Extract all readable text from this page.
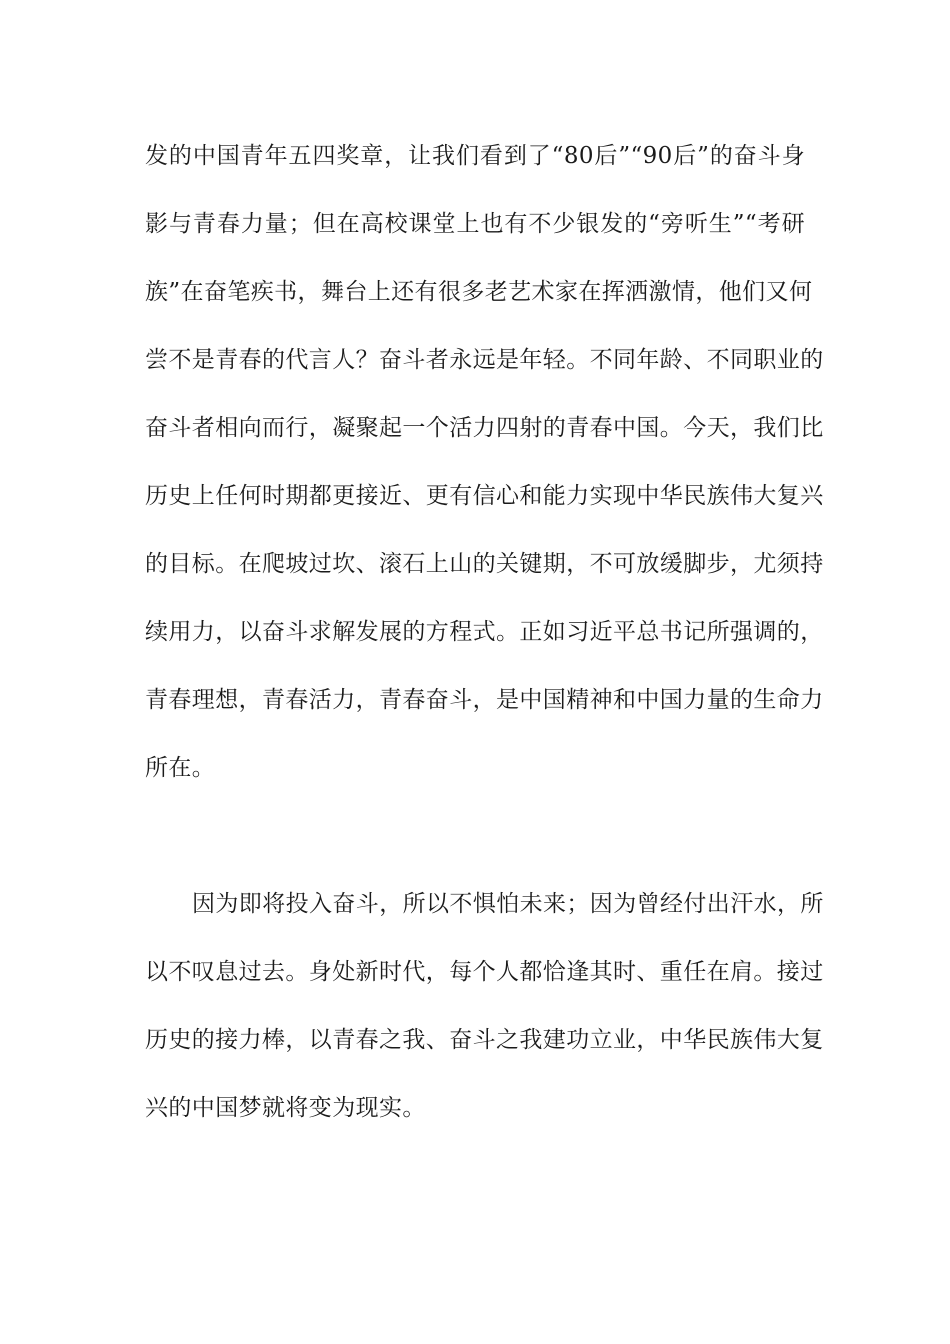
发的中国青年五四奖章，让我们看到了“80后”“90后”的奋斗身
影与青春力量；但在高校课堂上也有不少银发的“旁听生”“考研
族”在奋笔疾书，舞台上还有很多老艺术家在挥洒激情，他们又何
尝不是青春的代言人？奋斗者永远是年轻。不同年龄、不同职业的
奋斗者相向而行，凝聚起一个活力四射的青春中国。今天，我们比
历史上任何时期都更接近、更有信心和能力实现中华民族伟大复兴
的目标。在爬坡过坎、滚石上山的关键期，不可放缓脚步，尤须持
续用力，以奋斗求解发展的方程式。正如习近平总书记所强调的，
青春理想，青春活力，青春奋斗，是中国精神和中国力量的生命力
所在。
因为即将投入奋斗，所以不惧怕未来；因为曾经付出汗水，所
以不叹息过去。身处新时代，每个人都恰逢其时、重任在肩。接过
历史的接力棒，以青春之我、奋斗之我建功立业，中华民族伟大复
兴的中国梦就将变为现实。
